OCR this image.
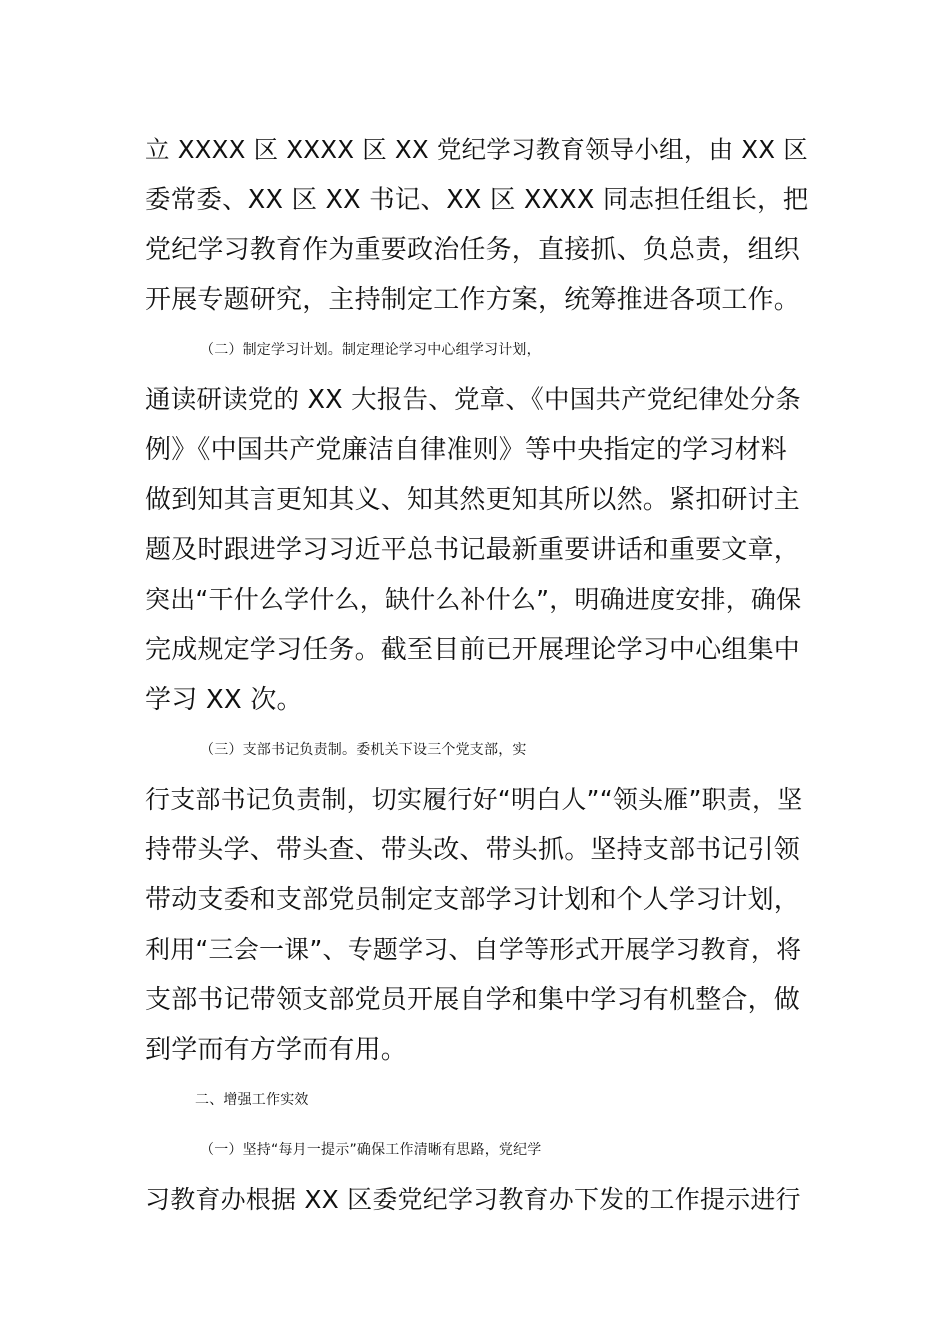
立 XXXX 区 XXXX 区 XX 党纪学习教育领导小组，由 XX 区
委常委、XX 区 XX 书记、XX 区 XXXX 同志担任组长，把
党纪学习教育作为重要政治任务，直接抓、负总责，组织
开展专题研究，主持制定工作方案，统筹推进各项工作。
（二）制定学习计划。制定理论学习中心组学习计划，
通读研读党的 XX 大报告、党章、《中国共产党纪律处分条
例》《中国共产党廉洁自律准则》等中央指定的学习材料
做到知其言更知其义、知其然更知其所以然。紧扣研讨主
题及时跟进学习习近平总书记最新重要讲话和重要文章，
突出“干什么学什么，缺什么补什么”，明确进度安排，确保
完成规定学习任务。截至目前已开展理论学习中心组集中
学习 XX 次。
（三）支部书记负责制。委机关下设三个党支部，实
行支部书记负责制，切实履行好“明白人”“领头雁”职责，坚
持带头学、带头查、带头改、带头抓。坚持支部书记引领
带动支委和支部党员制定支部学习计划和个人学习计划，
利用“三会一课”、专题学习、自学等形式开展学习教育，将
支部书记带领支部党员开展自学和集中学习有机整合，做
到学而有方学而有用。
二、增强工作实效
（一）坚持“每月一提示”确保工作清晰有思路，党纪学
习教育办根据 XX 区委党纪学习教育办下发的工作提示进行
